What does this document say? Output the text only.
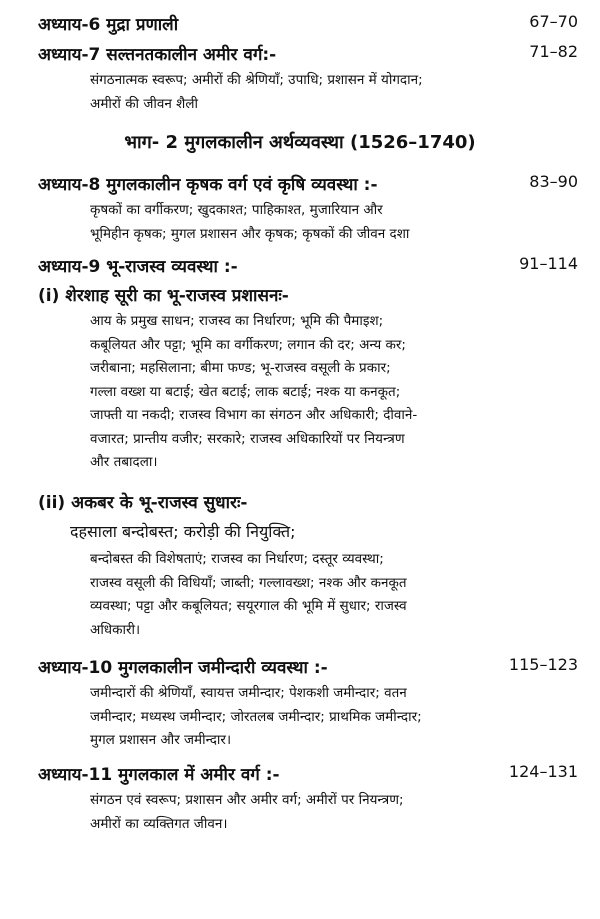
अध्याय-6 मुद्रा प्रणाली	67–70
अध्याय-7 सल्तनतकालीन अमीर वर्ग:-	71–82
संगठनात्मक स्वरूप; अमीरों की श्रेणियाँ; उपाधि; प्रशासन में योगदान;
अमीरों की जीवन शैली
भाग- 2 मुगलकालीन अर्थव्यवस्था (1526–1740)
अध्याय-8 मुगलकालीन कृषक वर्ग एवं कृषि व्यवस्था :-	83–90
कृषकों का वर्गीकरण; खुदकाश्त; पाहिकाश्त, मुजारियान और
भूमिहीन कृषक; मुगल प्रशासन और कृषक; कृषकों की जीवन दशा
अध्याय-9 भू-राजस्व व्यवस्था :-	91–114
(i) शेरशाह सूरी का भू-राजस्व प्रशासनः-
आय के प्रमुख साधन; राजस्व का निर्धारण; भूमि की पैमाइश;
कबूलियत और पट्टा; भूमि का वर्गीकरण; लगान की दर; अन्य कर;
जरीबाना; महसिलाना; बीमा फण्ड; भू-राजस्व वसूली के प्रकार;
गल्ला वख्श या बटाई; खेत बटाई; लाक बटाई; नश्क या कनकूत;
जाफ्ती या नकदी; राजस्व विभाग का संगठन और अधिकारी; दीवाने-
वजारत; प्रान्तीय वजीर; सरकारे; राजस्व अधिकारियों पर नियन्त्रण
और तबादला।
(ii) अकबर के भू-राजस्व सुधारः-
दहसाला बन्दोबस्त; करोड़ी की नियुक्ति;
बन्दोबस्त की विशेषताएं; राजस्व का निर्धारण; दस्तूर व्यवस्था;
राजस्व वसूली की विधियाँ; जाब्ती; गल्लावख्श; नश्क और कनकूत
व्यवस्था; पट्टा और कबूलियत; सयूरगाल की भूमि में सुधार; राजस्व
अधिकारी।
अध्याय-10 मुगलकालीन जमीन्दारी व्यवस्था :-	115–123
जमीन्दारों की श्रेणियाँ, स्वायत्त जमीन्दार; पेशकशी जमीन्दार; वतन
जमीन्दार; मध्यस्थ जमीन्दार; जोरतलब जमीन्दार; प्राथमिक जमीन्दार;
मुगल प्रशासन और जमीन्दार।
अध्याय-11 मुगलकाल में अमीर वर्ग :-	124–131
संगठन एवं स्वरूप; प्रशासन और अमीर वर्ग; अमीरों पर नियन्त्रण;
अमीरों का व्यक्तिगत जीवन।
